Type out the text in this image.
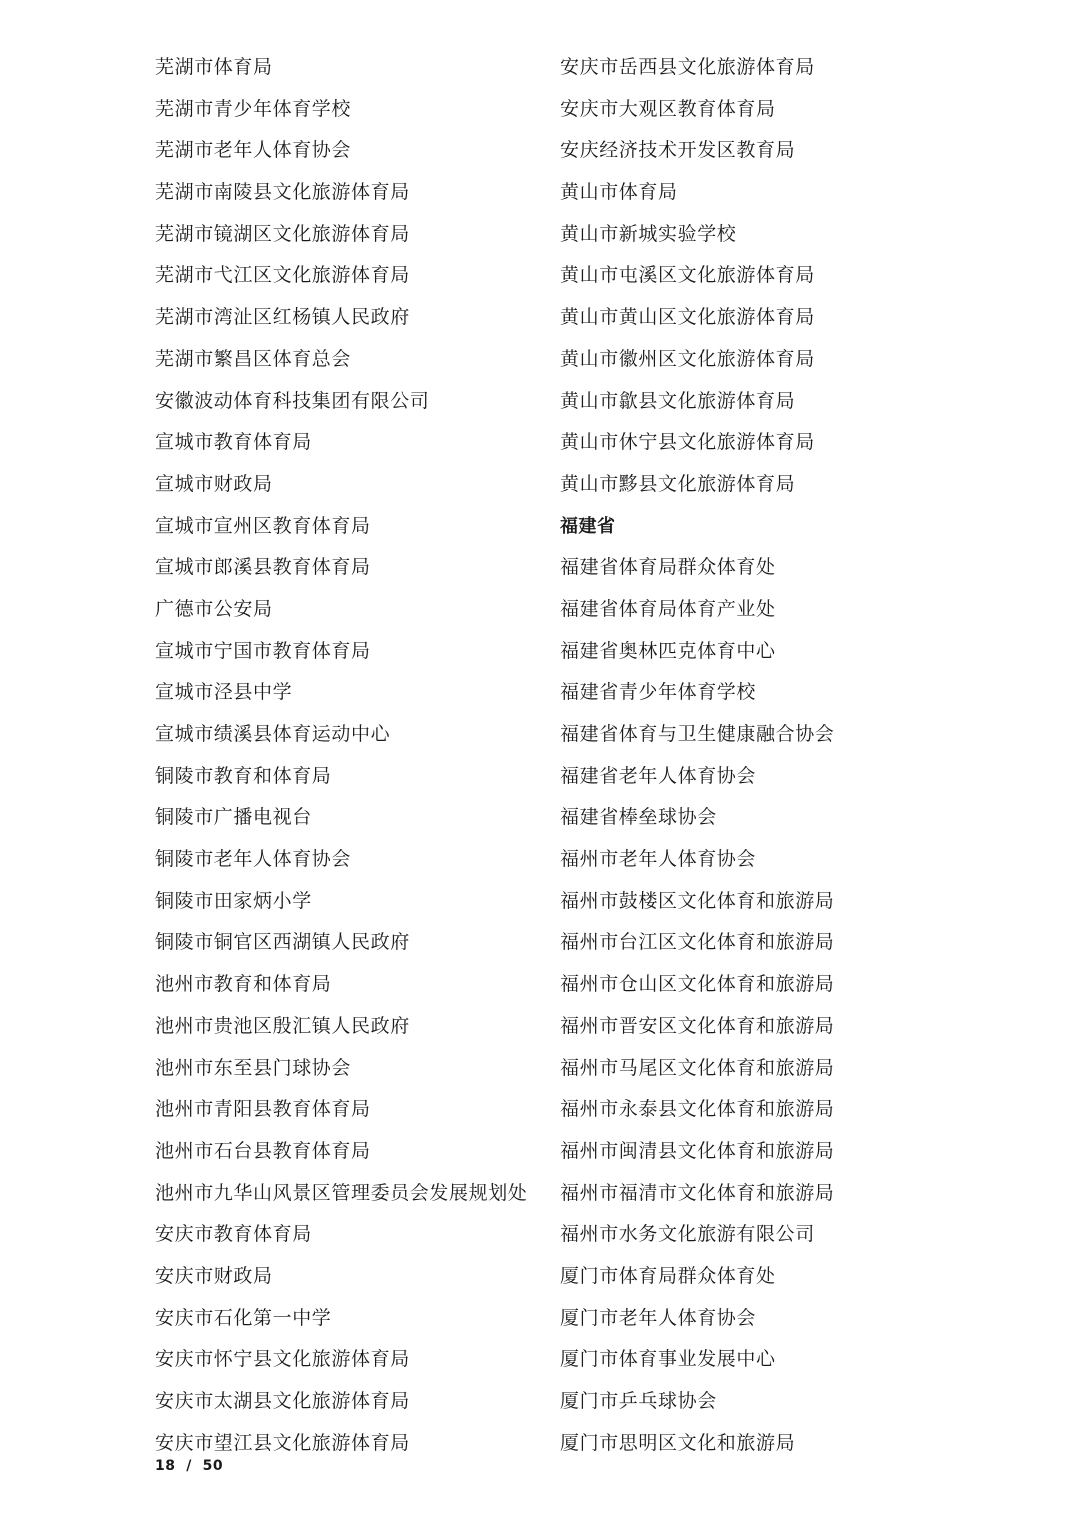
芜湖市体育局
芜湖市青少年体育学校
芜湖市老年人体育协会
芜湖市南陵县文化旅游体育局
芜湖市镜湖区文化旅游体育局
芜湖市弋江区文化旅游体育局
芜湖市湾沚区红杨镇人民政府
芜湖市繁昌区体育总会
安徽波动体育科技集团有限公司
宣城市教育体育局
宣城市财政局
宣城市宣州区教育体育局
宣城市郎溪县教育体育局
广德市公安局
宣城市宁国市教育体育局
宣城市泾县中学
宣城市绩溪县体育运动中心
铜陵市教育和体育局
铜陵市广播电视台
铜陵市老年人体育协会
铜陵市田家炳小学
铜陵市铜官区西湖镇人民政府
池州市教育和体育局
池州市贵池区殷汇镇人民政府
池州市东至县门球协会
池州市青阳县教育体育局
池州市石台县教育体育局
池州市九华山风景区管理委员会发展规划处
安庆市教育体育局
安庆市财政局
安庆市石化第一中学
安庆市怀宁县文化旅游体育局
安庆市太湖县文化旅游体育局
安庆市望江县文化旅游体育局
安庆市岳西县文化旅游体育局
安庆市大观区教育体育局
安庆经济技术开发区教育局
黄山市体育局
黄山市新城实验学校
黄山市屯溪区文化旅游体育局
黄山市黄山区文化旅游体育局
黄山市徽州区文化旅游体育局
黄山市歙县文化旅游体育局
黄山市休宁县文化旅游体育局
黄山市黟县文化旅游体育局
福建省
福建省体育局群众体育处
福建省体育局体育产业处
福建省奥林匹克体育中心
福建省青少年体育学校
福建省体育与卫生健康融合协会
福建省老年人体育协会
福建省棒垒球协会
福州市老年人体育协会
福州市鼓楼区文化体育和旅游局
福州市台江区文化体育和旅游局
福州市仓山区文化体育和旅游局
福州市晋安区文化体育和旅游局
福州市马尾区文化体育和旅游局
福州市永泰县文化体育和旅游局
福州市闽清县文化体育和旅游局
福州市福清市文化体育和旅游局
福州市水务文化旅游有限公司
厦门市体育局群众体育处
厦门市老年人体育协会
厦门市体育事业发展中心
厦门市乒乓球协会
厦门市思明区文化和旅游局
18 / 50
